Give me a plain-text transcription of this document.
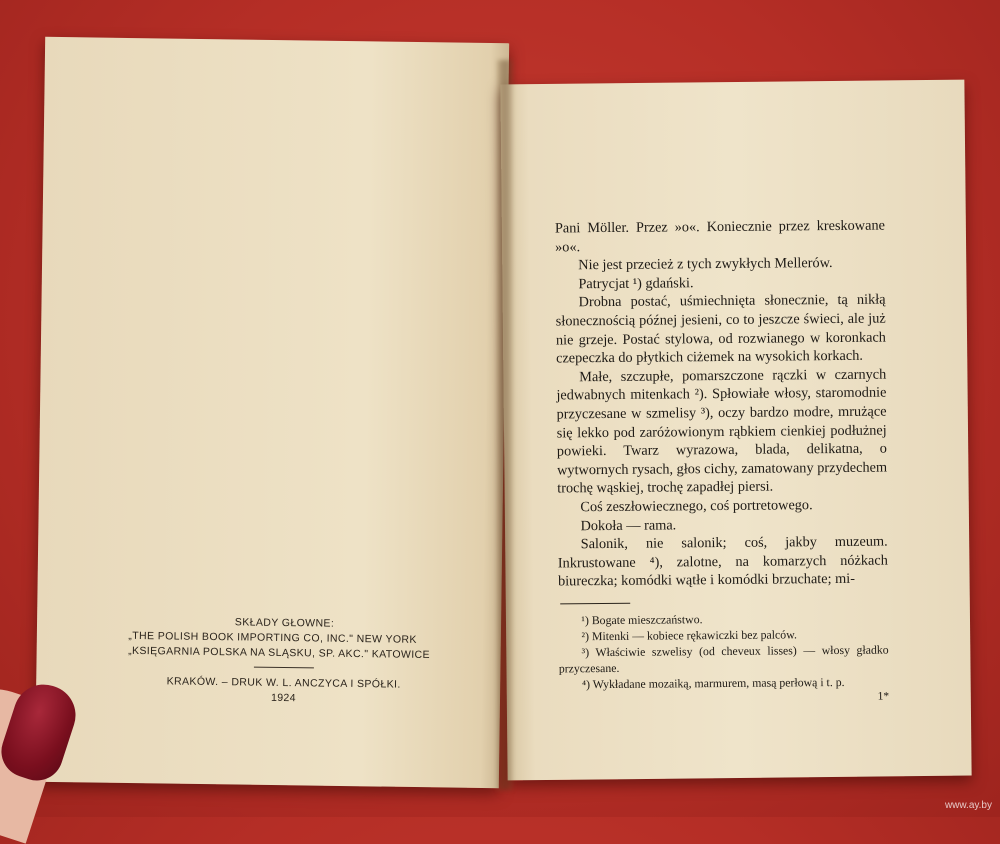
SKŁADY GŁOWNE:
„THE POLISH BOOK IMPORTING CO, INC." NEW YORK
„KSIĘGARNIA POLSKA NA SLĄSKU, SP. AKC." KATOWICE
KRAKÓW. – DRUK W. L. ANCZYCA I SPÓŁKI.
1924

Pani Möller. Przez »o«. Koniecznie przez kreskowane »o«.

Nie jest przecież z tych zwykłych Mellerów.

Patrycjat ¹) gdański.

Drobna postać, uśmiechnięta słonecznie, tą nikłą słonecznością późnej jesieni, co to jeszcze świeci, ale już nie grzeje. Postać stylowa, od rozwianego w koronkach czepeczka do płytkich ciżemek na wysokich korkach.

Małe, szczupłe, pomarszczone rączki w czarnych jedwabnych mitenkach ²). Spłowiałe włosy, staromodnie przyczesane w szmelisy ³), oczy bardzo modre, mrużące się lekko pod zaróżowionym rąbkiem cienkiej podłużnej powieki. Twarz wyrazowa, blada, delikatna, o wytwornych rysach, głos cichy, zamatowany przydechem trochę wąskiej, trochę zapadłej piersi.

Coś zeszłowiecznego, coś portretowego.

Dokoła — rama.

Salonik, nie salonik; coś, jakby muzeum. Inkrustowane ⁴), zalotne, na komarzych nóżkach biureczka; komódki wątłe i komódki brzuchate; mi-

¹) Bogate mieszczaństwo.

²) Mitenki — kobiece rękawiczki bez palców.

³) Właściwie szwelisy (od cheveux lisses) — włosy gładko przyczesane.

⁴) Wykładane mozaiką, marmurem, masą perłową i t. p.

1*
www.ay.by
